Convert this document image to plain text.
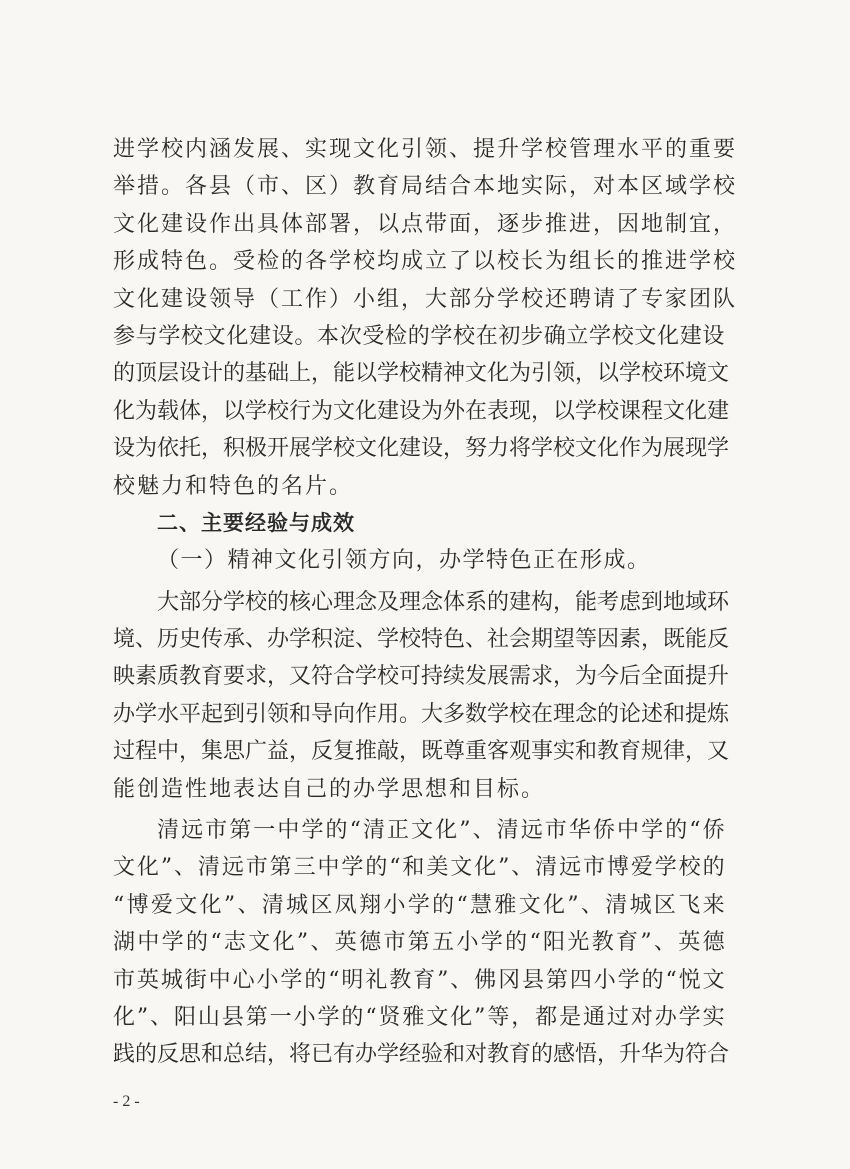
进学校内涵发展、实现文化引领、提升学校管理水平的重要
举措。各县（市、区）教育局结合本地实际，对本区域学校
文化建设作出具体部署，以点带面，逐步推进，因地制宜，
形成特色。受检的各学校均成立了以校长为组长的推进学校
文化建设领导（工作）小组，大部分学校还聘请了专家团队
参与学校文化建设。本次受检的学校在初步确立学校文化建设
的顶层设计的基础上，能以学校精神文化为引领，以学校环境文
化为载体，以学校行为文化建设为外在表现，以学校课程文化建
设为依托，积极开展学校文化建设，努力将学校文化作为展现学
校魅力和特色的名片。
二、主要经验与成效
（一）精神文化引领方向，办学特色正在形成。
大部分学校的核心理念及理念体系的建构，能考虑到地域环
境、历史传承、办学积淀、学校特色、社会期望等因素，既能反
映素质教育要求，又符合学校可持续发展需求，为今后全面提升
办学水平起到引领和导向作用。大多数学校在理念的论述和提炼
过程中，集思广益，反复推敲，既尊重客观事实和教育规律，又
能创造性地表达自己的办学思想和目标。
清远市第一中学的“清正文化”、清远市华侨中学的“侨
文化”、清远市第三中学的“和美文化”、清远市博爱学校的
“博爱文化”、清城区凤翔小学的“慧雅文化”、清城区飞来
湖中学的“志文化”、英德市第五小学的“阳光教育”、英德
市英城街中心小学的“明礼教育”、佛冈县第四小学的“悦文
化”、阳山县第一小学的“贤雅文化”等，都是通过对办学实
践的反思和总结，将已有办学经验和对教育的感悟，升华为符合
- 2 -
